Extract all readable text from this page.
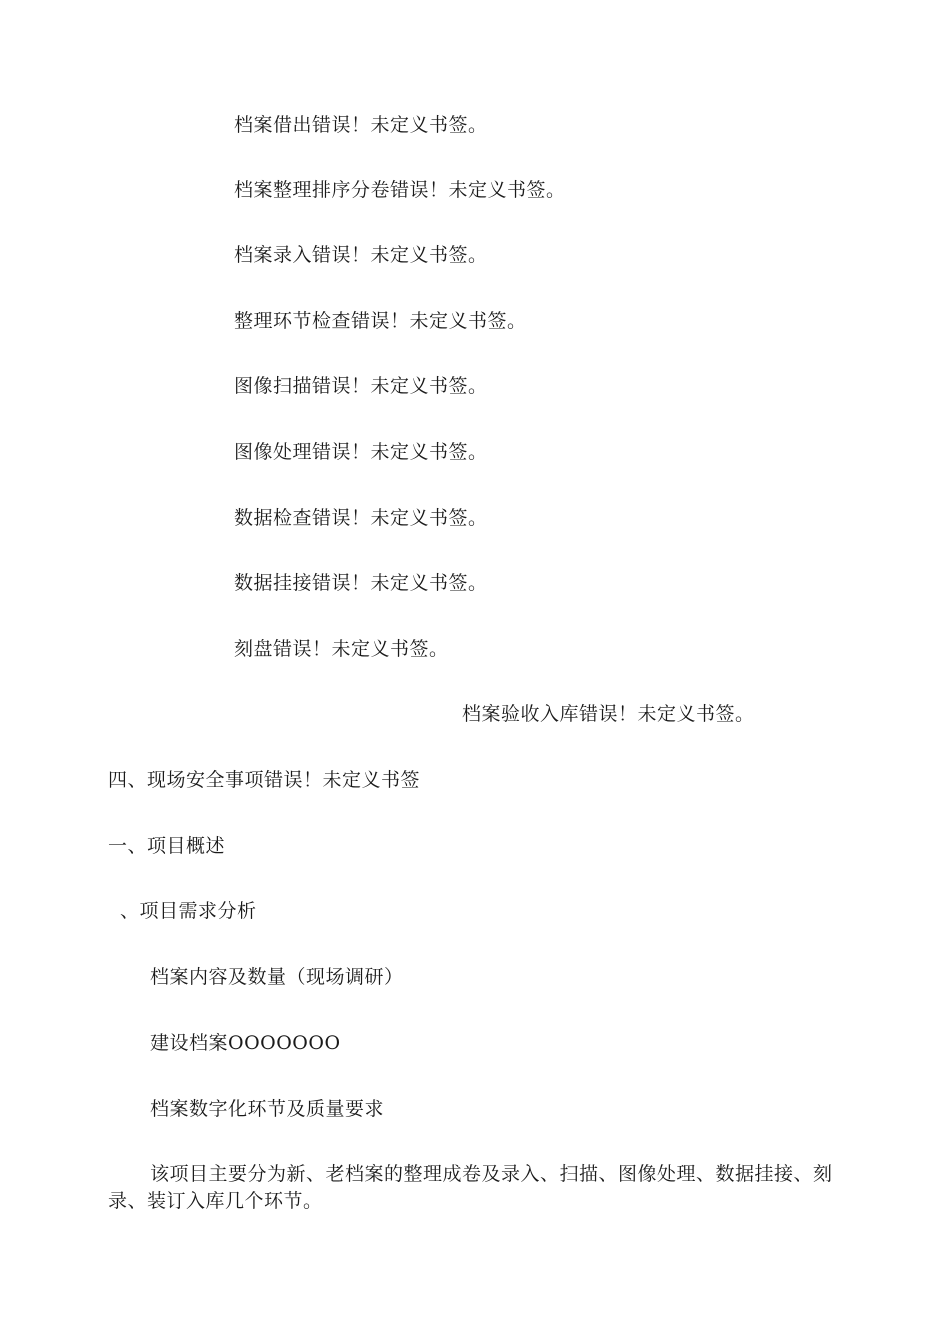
档案借出错误！未定义书签。
档案整理排序分卷错误！未定义书签。
档案录入错误！未定义书签。
整理环节检查错误！未定义书签。
图像扫描错误！未定义书签。
图像处理错误！未定义书签。
数据检查错误！未定义书签。
数据挂接错误！未定义书签。
刻盘错误！未定义书签。
档案验收入库错误！未定义书签。
四、现场安全事项错误！未定义书签
一、项目概述
、项目需求分析
档案内容及数量（现场调研）
建设档案OOOOOOO
档案数字化环节及质量要求
该项目主要分为新、老档案的整理成卷及录入、扫描、图像处理、数据挂接、刻录、装订入库几个环节。
